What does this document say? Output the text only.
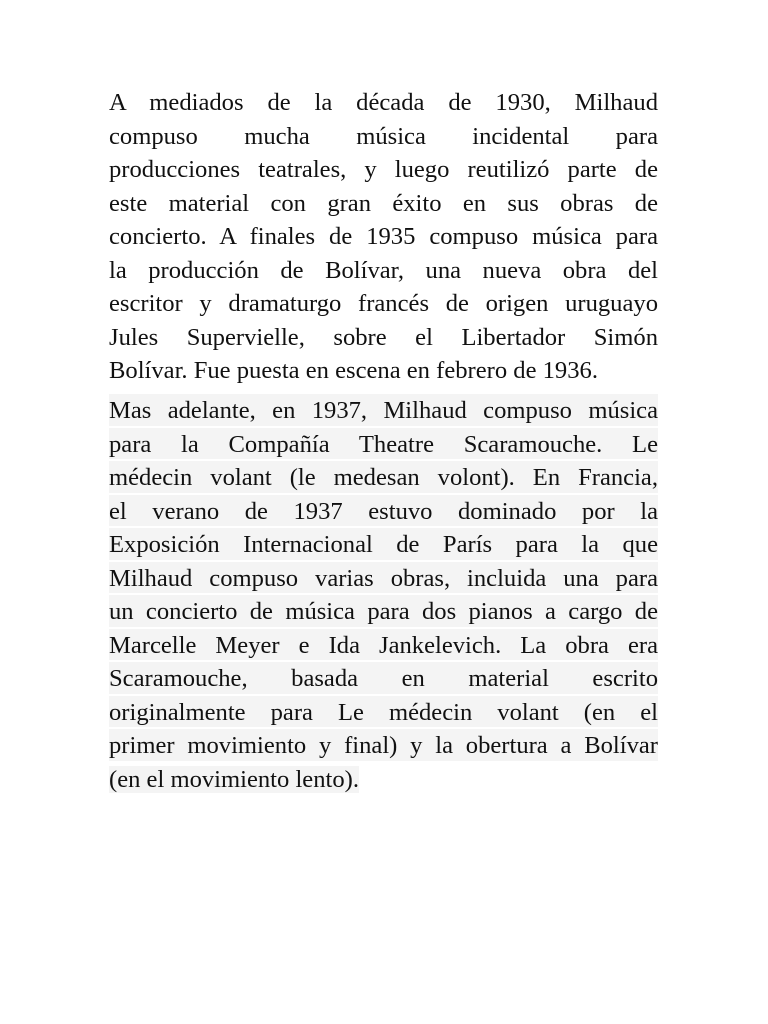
A mediados de la década de 1930, Milhaud
compuso mucha música incidental para
producciones teatrales, y luego reutilizó parte de
este material con gran éxito en sus obras de
concierto. A finales de 1935 compuso música para
la producción de Bolívar, una nueva obra del
escritor y dramaturgo francés de origen uruguayo
Jules Supervielle, sobre el Libertador Simón
Bolívar. Fue puesta en escena en febrero de 1936.
Mas adelante, en 1937, Milhaud compuso música
para la Compañía Theatre Scaramouche. Le
médecin volant (le medesan volont). En Francia,
el verano de 1937 estuvo dominado por la
Exposición Internacional de París para la que
Milhaud compuso varias obras, incluida una para
un concierto de música para dos pianos a cargo de
Marcelle Meyer e Ida Jankelevich. La obra era
Scaramouche, basada en material escrito
originalmente para Le médecin volant (en el
primer movimiento y final) y la obertura a Bolívar
(en el movimiento lento).
